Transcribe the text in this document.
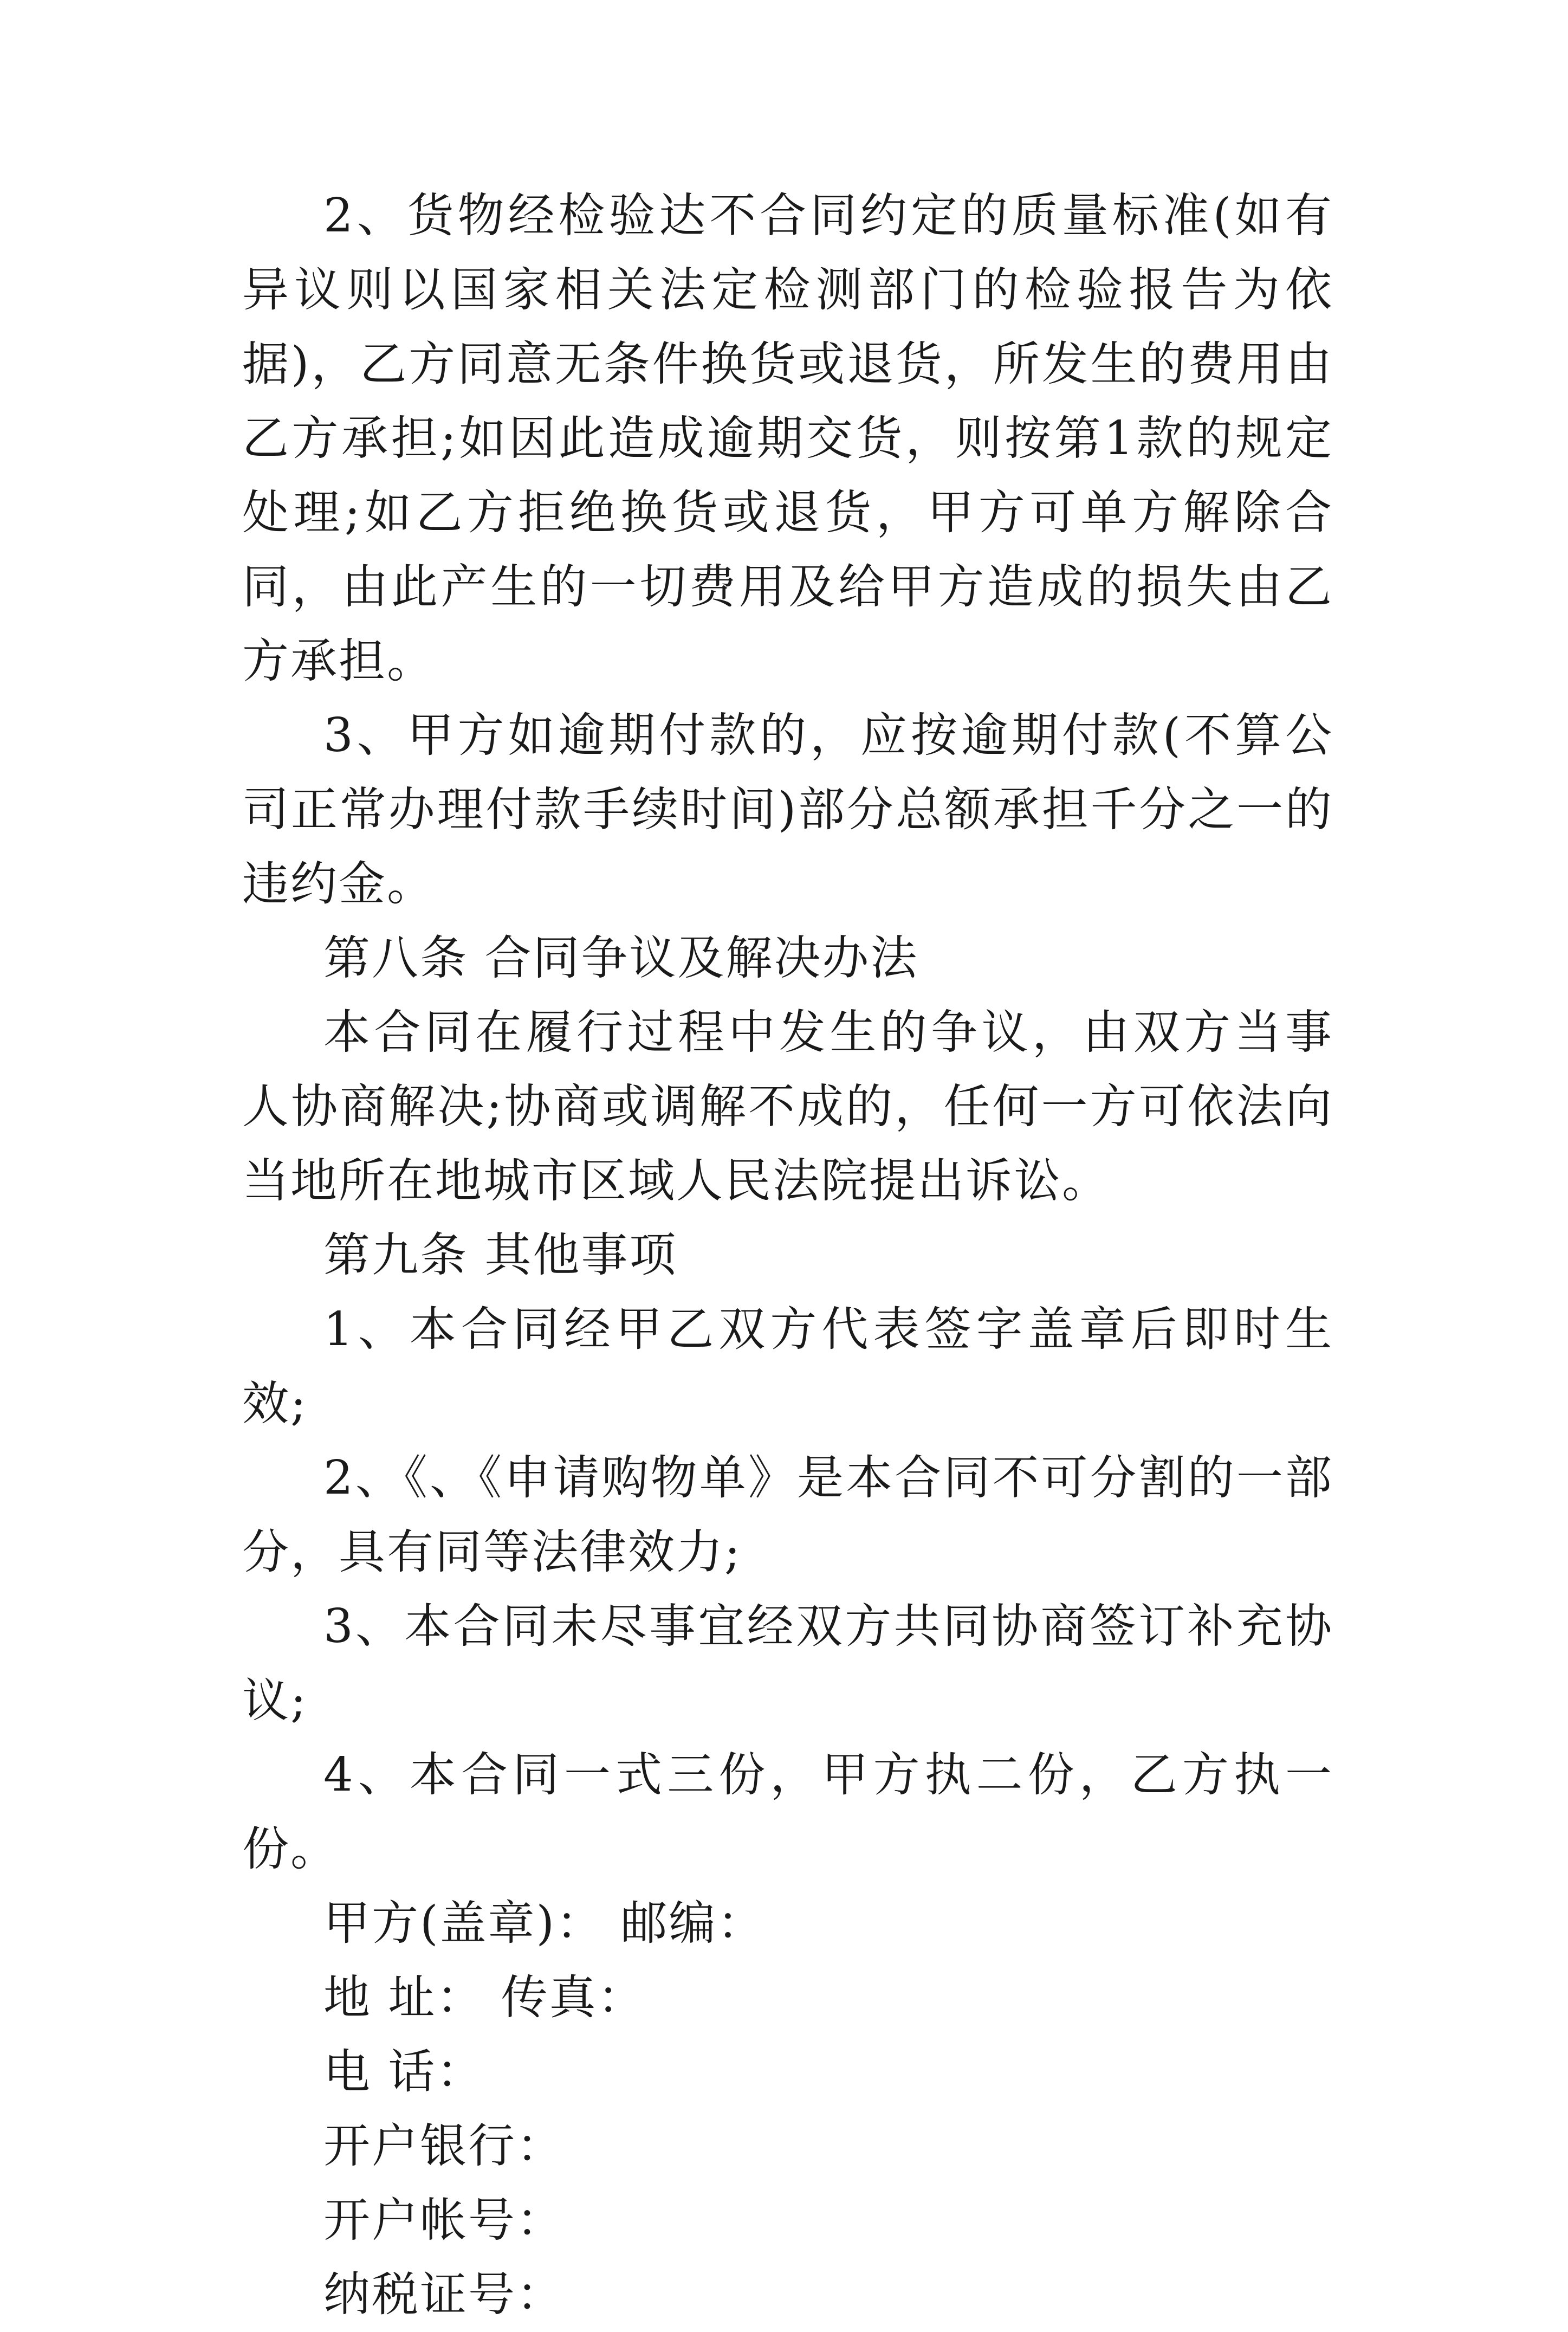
2、货物经检验达不合同约定的质量标准(如有异议则以国家相关法定检测部门的检验报告为依据)，乙方同意无条件换货或退货，所发生的费用由乙方承担;如因此造成逾期交货，则按第1款的规定处理;如乙方拒绝换货或退货，甲方可单方解除合同，由此产生的一切费用及给甲方造成的损失由乙方承担。

3、甲方如逾期付款的，应按逾期付款(不算公司正常办理付款手续时间)部分总额承担千分之一的违约金。

第八条 合同争议及解决办法

本合同在履行过程中发生的争议，由双方当事人协商解决;协商或调解不成的，任何一方可依法向当地所在地城市区域人民法院提出诉讼。

第九条 其他事项

1、本合同经甲乙双方代表签字盖章后即时生效;

2、《、《申请购物单》是本合同不可分割的一部分，具有同等法律效力;

3、本合同未尽事宜经双方共同协商签订补充协议;

4、本合同一式三份，甲方执二份，乙方执一份。

甲方(盖章)： 邮编：

地 址： 传真：

电 话：

开户银行：

开户帐号：

纳税证号：
